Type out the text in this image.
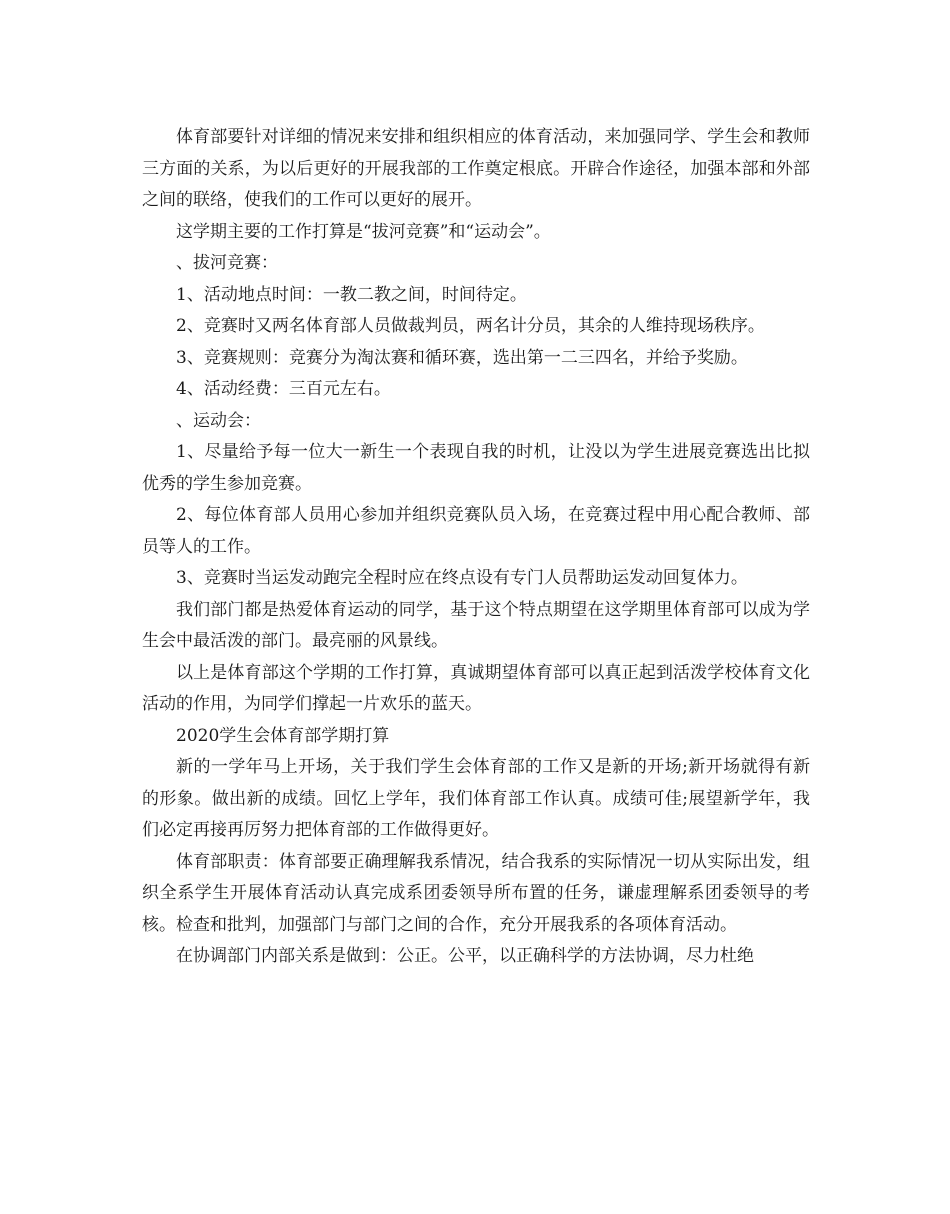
体育部要针对详细的情况来安排和组织相应的体育活动，来加强同学、学生会和教师三方面的关系，为以后更好的开展我部的工作奠定根底。开辟合作途径，加强本部和外部之间的联络，使我们的工作可以更好的展开。

这学期主要的工作打算是“拔河竞赛”和“运动会”。

、拔河竞赛：

1、活动地点时间：一教二教之间，时间待定。

2、竞赛时又两名体育部人员做裁判员，两名计分员，其余的人维持现场秩序。

3、竞赛规则：竞赛分为淘汰赛和循环赛，选出第一二三四名，并给予奖励。

4、活动经费：三百元左右。

、运动会：

1、尽量给予每一位大一新生一个表现自我的时机，让没以为学生进展竞赛选出比拟优秀的学生参加竞赛。

2、每位体育部人员用心参加并组织竞赛队员入场，在竞赛过程中用心配合教师、部员等人的工作。

3、竞赛时当运发动跑完全程时应在终点设有专门人员帮助运发动回复体力。

我们部门都是热爱体育运动的同学，基于这个特点期望在这学期里体育部可以成为学生会中最活泼的部门。最亮丽的风景线。

以上是体育部这个学期的工作打算，真诚期望体育部可以真正起到活泼学校体育文化活动的作用，为同学们撑起一片欢乐的蓝天。

2020学生会体育部学期打算

新的一学年马上开场，关于我们学生会体育部的工作又是新的开场;新开场就得有新的形象。做出新的成绩。回忆上学年，我们体育部工作认真。成绩可佳;展望新学年，我们必定再接再厉努力把体育部的工作做得更好。

体育部职责：体育部要正确理解我系情况，结合我系的实际情况一切从实际出发，组织全系学生开展体育活动认真完成系团委领导所布置的任务，谦虚理解系团委领导的考核。检查和批判，加强部门与部门之间的合作，充分开展我系的各项体育活动。

在协调部门内部关系是做到：公正。公平，以正确科学的方法协调，尽力杜绝
